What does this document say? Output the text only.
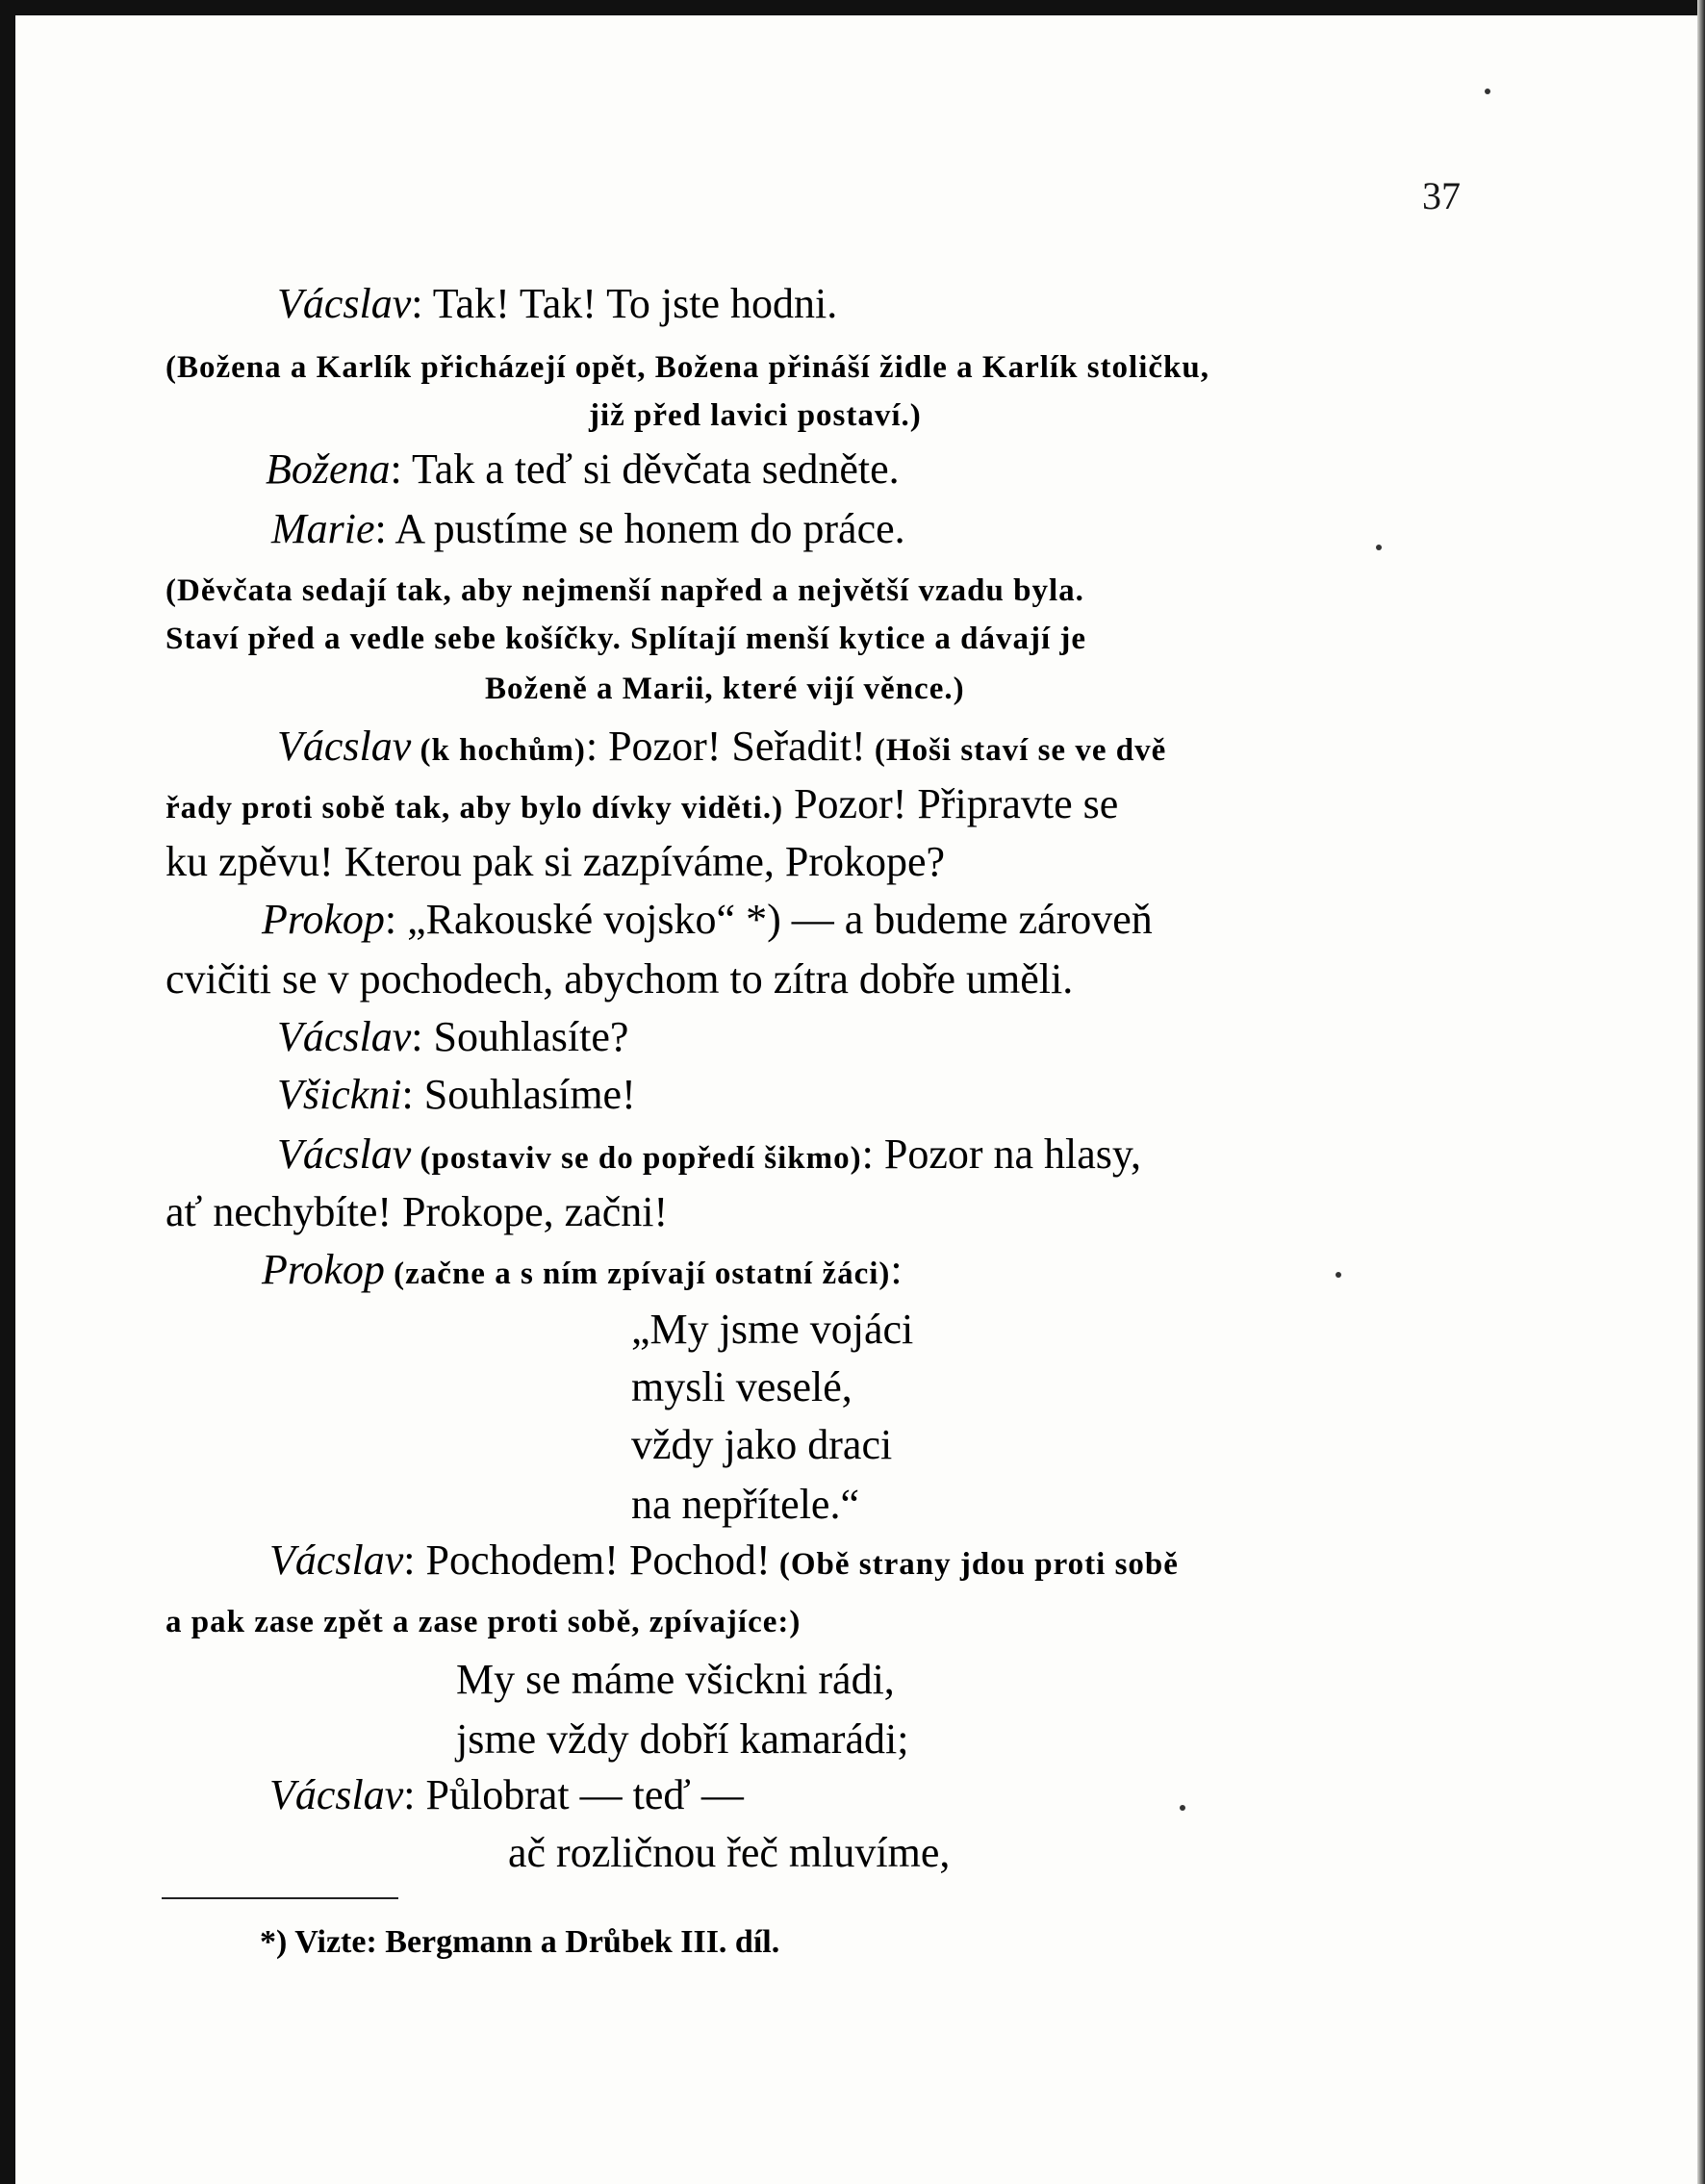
37
Vácslav: Tak! Tak! To jste hodni.
(Božena a Karlík přicházejí opět, Božena přináší židle a Karlík stoličku,
již před lavici postaví.)
Božena: Tak a teď si děvčata sedněte.
Marie: A pustíme se honem do práce.
(Děvčata sedají tak, aby nejmenší napřed a největší vzadu byla.
Staví před a vedle sebe košíčky. Splítají menší kytice a dávají je
Boženě a Marii, které vijí věnce.)
Vácslav (k hochům): Pozor! Seřadit! (Hoši staví se ve dvě
řady proti sobě tak, aby bylo dívky viděti.) Pozor! Připravte se
ku zpěvu! Kterou pak si zazpíváme, Prokope?
Prokop: „Rakouské vojsko“ *) — a budeme zároveň
cvičiti se v pochodech, abychom to zítra dobře uměli.
Vácslav: Souhlasíte?
Všickni: Souhlasíme!
Vácslav (postaviv se do popředí šikmo): Pozor na hlasy,
ať nechybíte! Prokope, začni!
Prokop (začne a s ním zpívají ostatní žáci):
„My jsme vojáci
mysli veselé,
vždy jako draci
na nepřítele.“
Vácslav: Pochodem! Pochod! (Obě strany jdou proti sobě
a pak zase zpět a zase proti sobě, zpívajíce:)
My se máme všickni rádi,
jsme vždy dobří kamarádi;
Vácslav: Půlobrat — teď —
ač rozličnou řeč mluvíme,
*) Vizte: Bergmann a Drůbek III. díl.
